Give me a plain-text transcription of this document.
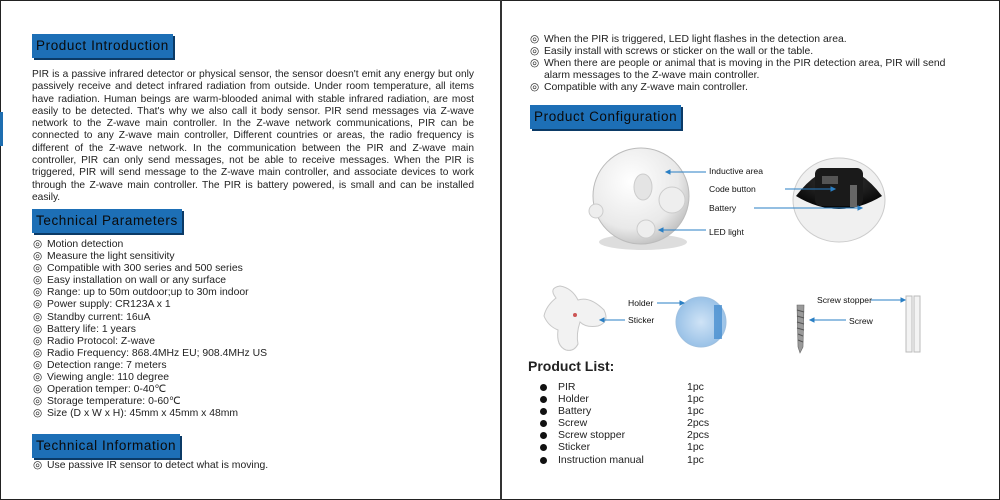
Product Introduction

PIR is a passive infrared detector or physical sensor, the sensor doesn't emit any energy but only passively receive and detect infrared radiation from outside. Under room temperature, all items have radiation. Human beings are warm-blooded animal with stable infrared radiation, are most easily to be detected. That's why we also call it body sensor. PIR send messages via Z-wave network to the Z-wave main controller. In the Z-wave network communications, PIR can be connected to any Z-wave main controller, Different countries or areas, the radio frequency is different of the Z-wave network. In the communication between the PIR and Z-wave main controller, PIR can only send messages, not be able to receive messages. When the PIR is triggered, PIR will send message to the Z-wave main controller, and associate devices to work through the Z-wave main controller. The PIR is battery powered, is small and can be installed easily.

Technical Parameters
◎ Motion detection
◎ Measure the light sensitivity
◎ Compatible with 300 series and 500 series
◎ Easy installation on wall or any surface
◎ Range: up to 50m outdoor;up to 30m indoor
◎ Power supply: CR123A x 1
◎ Standby current: 16uA
◎ Battery life: 1 years
◎ Radio Protocol: Z-wave
◎ Radio Frequency: 868.4MHz EU; 908.4MHz US
◎ Detection range: 7 meters
◎ Viewing angle: 110 degree
◎ Operation temper: 0-40℃
◎ Storage temperature: 0-60℃
◎ Size (D x W x H): 45mm x 45mm x 48mm
Technical Information
◎ Use passive IR sensor to detect what is moving.
◎ When the PIR is triggered, LED light flashes in the detection area.
◎ Easily install with screws or sticker on the wall or the table.
◎ When there are people or animal that is moving in the PIR detection area, PIR will send
alarm messages to the Z-wave main controller.
◎ Compatible with any Z-wave main controller.
Product Configuration
Inductive area
Code button
Battery
LED light
Holder
Sticker
Screw stopper
Screw
Product List:
PIR	1pc
Holder	1pc
Battery	1pc
Screw	2pcs
Screw stopper	2pcs
Sticker	1pc
Instruction manual	1pc
